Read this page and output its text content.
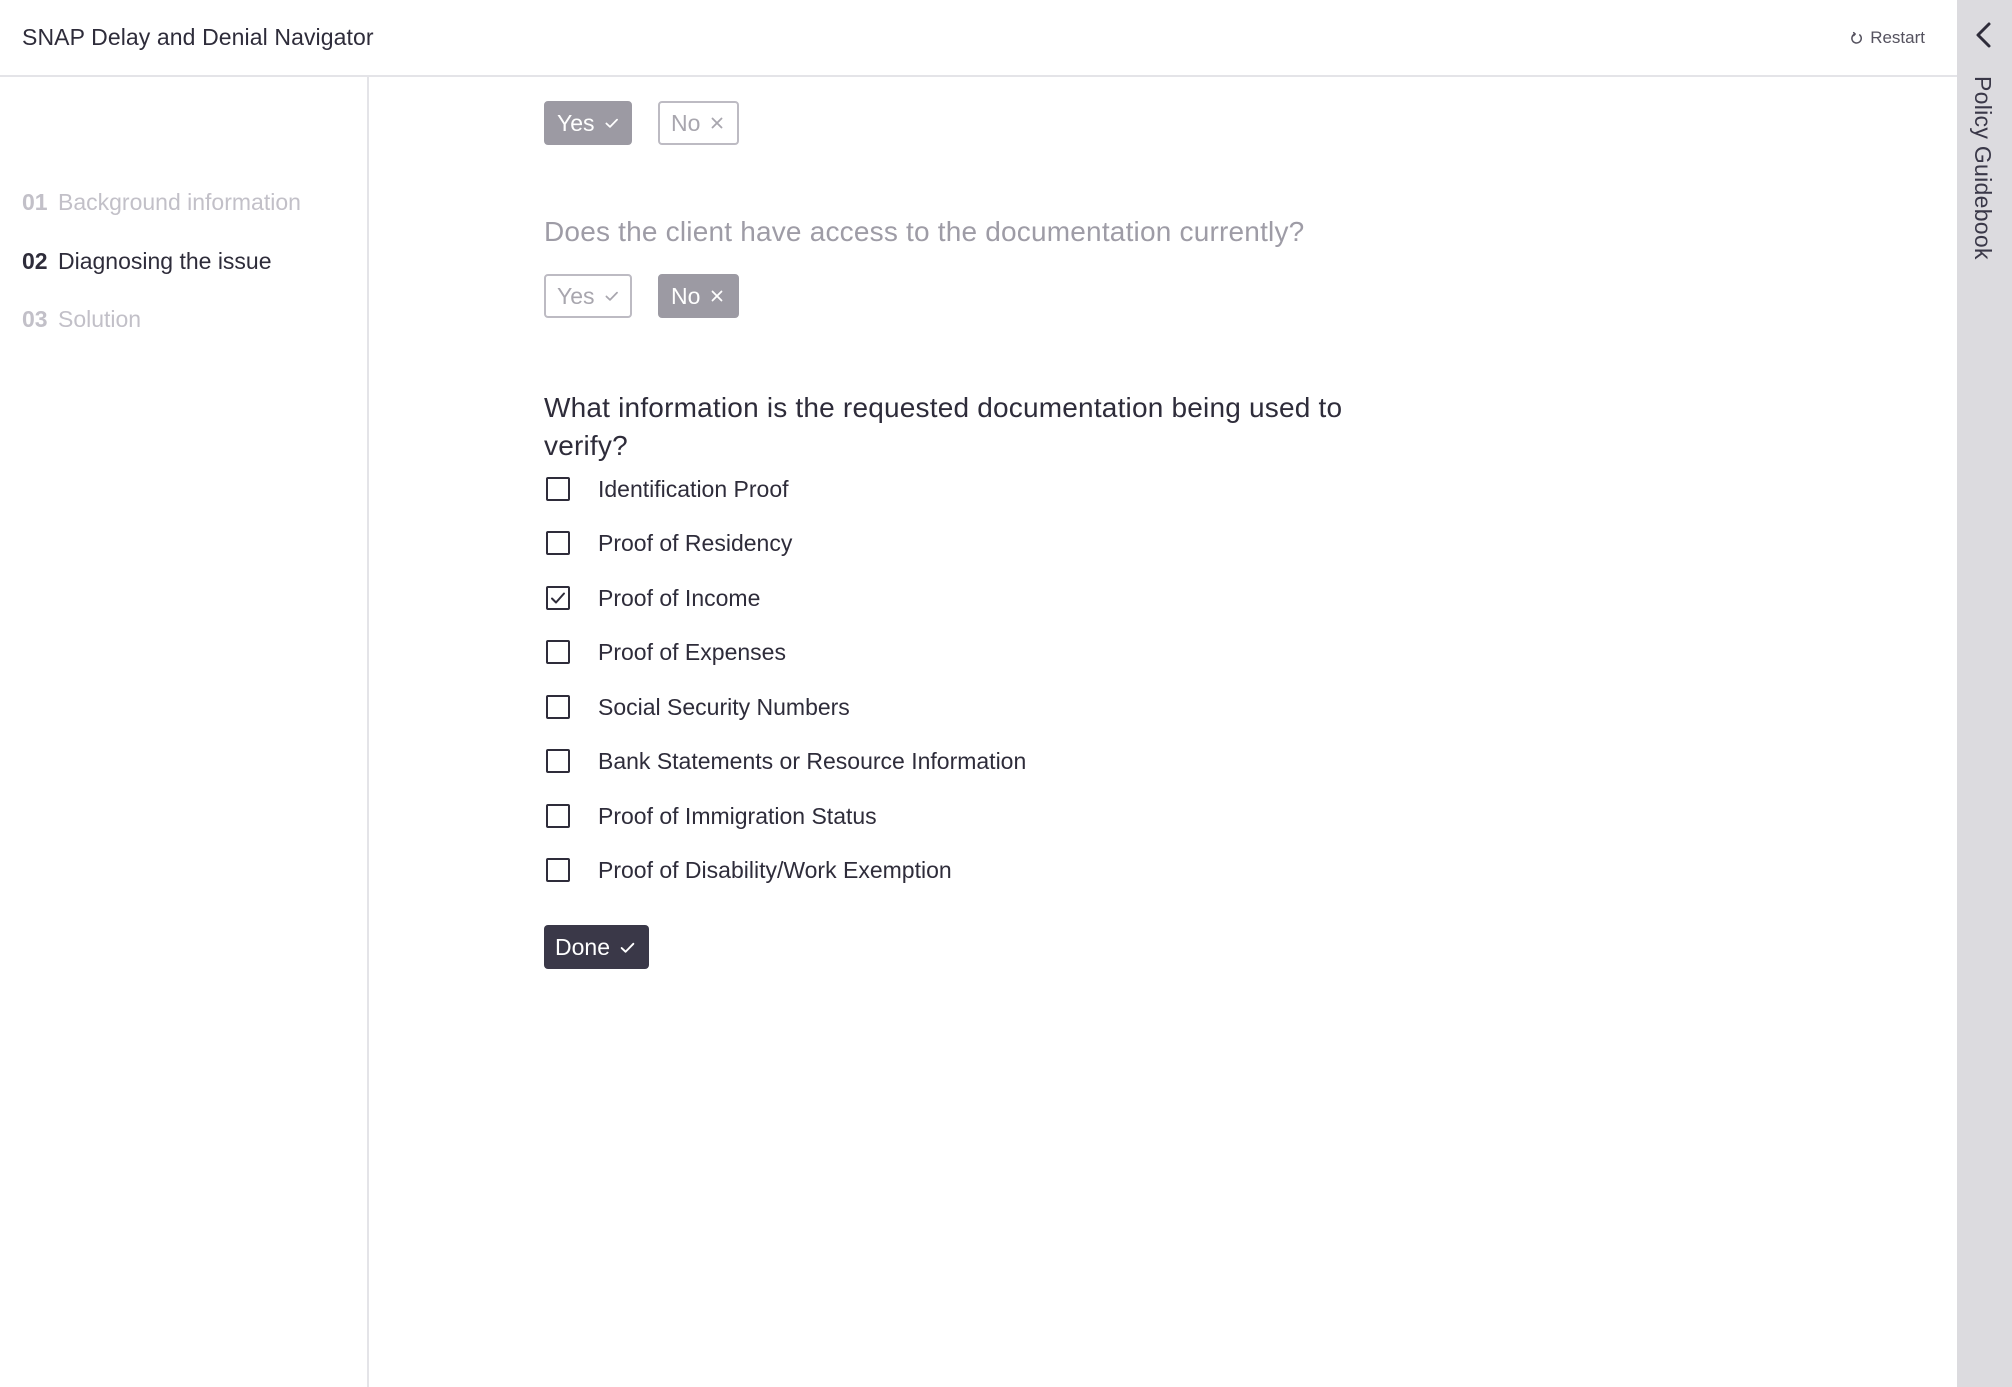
SNAP Delay and Denial Navigator	Restart
01 Background information
02 Diagnosing the issue
03 Solution
Yes	No
Does the client have access to the documentation currently?
Yes	No
What information is the requested documentation being used to verify?
Identification Proof
Proof of Residency
Proof of Income
Proof of Expenses
Social Security Numbers
Bank Statements or Resource Information
Proof of Immigration Status
Proof of Disability/Work Exemption
Done
Policy Guidebook
